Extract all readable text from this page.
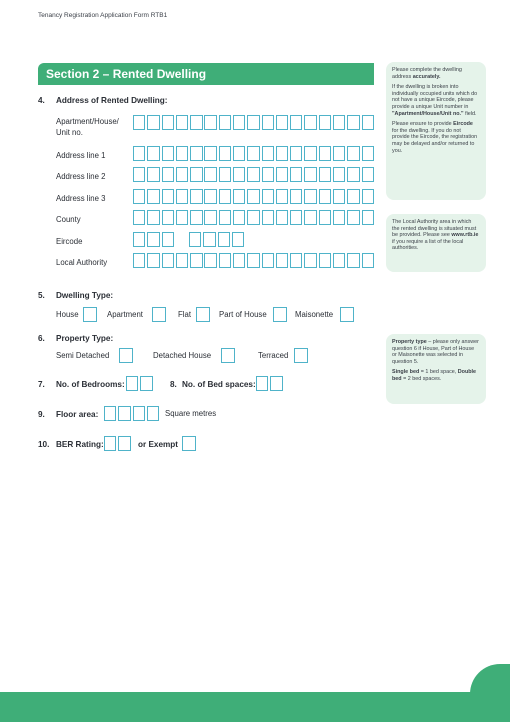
Tenancy Registration Application Form RTB1
Section 2 – Rented Dwelling	Please complete the dwelling address accurately.

If the dwelling is broken into individually occupied units which do not have a unique Eircode, please provide a unique Unit number in "Apartment/House/Unit no." field.

Please ensure to provide Eircode for the dwelling. If you do not provide the Eircode, the registration may be delayed and/or returned to you.

The Local Authority area in which the rented dwelling is situated must be provided. Please see www.rtb.ie if you require a list of the local authorities.

Property type – please only answer question 6 if House, Part of House or Maisonette was selected in question 5.

Single bed = 1 bed space, Double bed = 2 bed spaces.

4. Address of Rented Dwelling:
Apartment/House/
Unit no.
Address line 1
Address line 2
Address line 3
County
Eircode
Local Authority
5. Dwelling Type:
House	Apartment	Flat	Part of House	Maisonette
6. Property Type:
Semi Detached	Detached House	Terraced
7. No. of Bedrooms:	8. No. of Bed spaces:
9. Floor area:	Square metres
10. BER Rating:	or Exempt
